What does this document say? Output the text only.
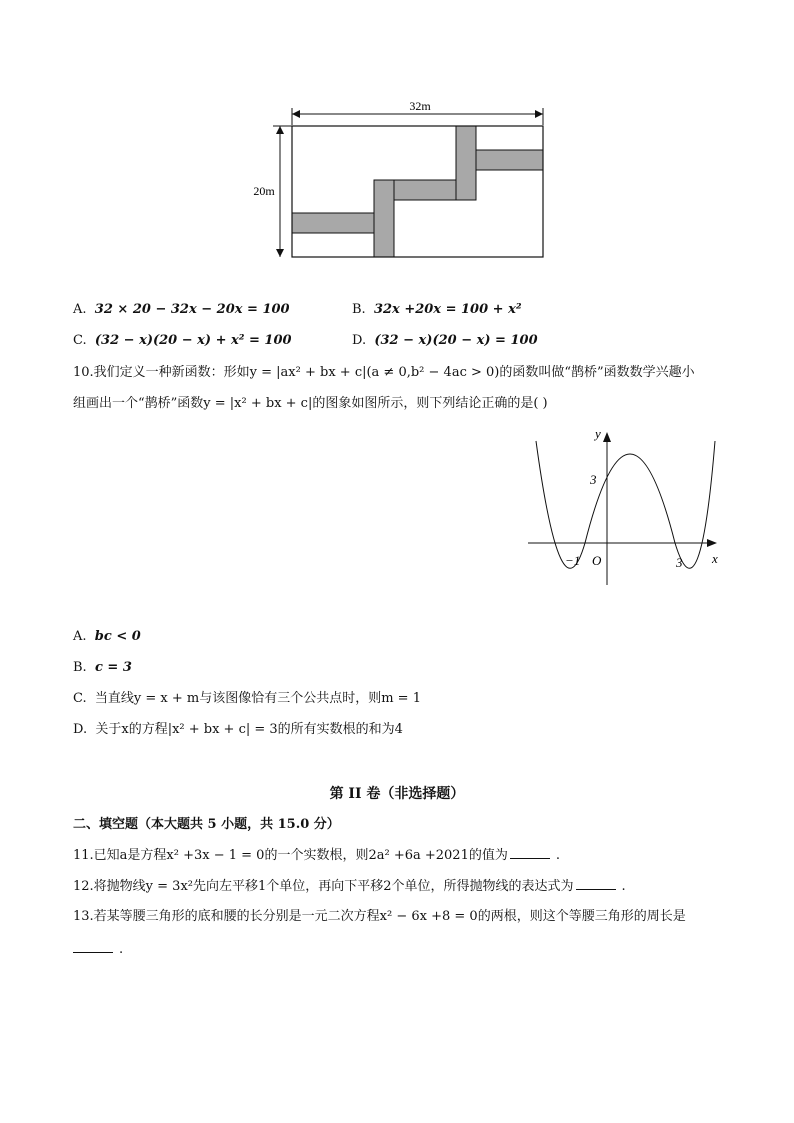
32m
20m
A. 32 × 20 − 32x − 20x = 100	B. 32x +20x = 100 + x²
C. (32 − x)(20 − x) + x² = 100	D. (32 − x)(20 − x) = 100
10.我们定义一种新函数：形如y = |ax² + bx + c|(a ≠ 0,b² − 4ac > 0)的函数叫做“鹊桥”函数数学兴趣小
组画出一个“鹊桥”函数y = |x² + bx + c|的图象如图所示，则下列结论正确的是( )
y
x
3
−1 O	3
A. bc < 0
B. c = 3
C. 当直线y = x + m与该图像恰有三个公共点时，则m = 1
D. 关于x的方程|x² + bx + c| = 3的所有实数根的和为4
第 II 卷（非选择题）
二、填空题（本大题共 5 小题，共 15.0 分）
11.已知a是方程x² +3x − 1 = 0的一个实数根，则2a² +6a +2021的值为	.
12.将抛物线y = 3x²先向左平移1个单位，再向下平移2个单位，所得抛物线的表达式为	.
13.若某等腰三角形的底和腰的长分别是一元二次方程x² − 6x +8 = 0的两根，则这个等腰三角形的周长是
.
